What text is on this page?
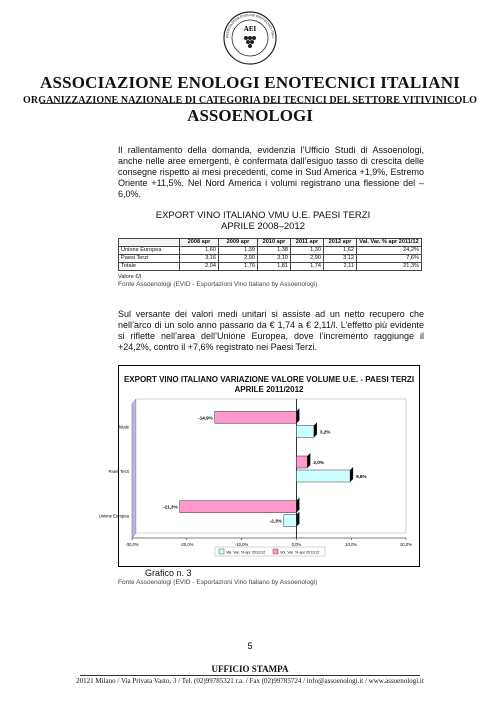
AEI
ASSOCIAZIONE ENOLOGI ENOTECNICI ITALI
ASSOCIAZIONE ENOLOGI ENOTECNICI ITALIANI
ORGANIZZAZIONE NAZIONALE DI CATEGORIA DEI TECNICI DEL SETTORE VITIVINICOLO
ASSOENOLOGI
Il rallentamento della domanda, evidenzia l’Ufficio Studi di Assoenologi, anche nelle aree emergenti, è confermata dall’esiguo tasso di crescita delle consegne rispetto ai mesi precedenti, come in Sud America +1,9%, Estremo Oriente +11,5%. Nel Nord America i volumi registrano una flessione del –6,0%.
EXPORT VINO ITALIANO VMU U.E. PAESI TERZI
APRILE 2008–2012
	2008 apr	2009 apr	2010 apr	2011 apr	2012 apr	Val. Var. % apr 2011/12
Unione Europea	1,60	1,39	1,38	1,30	1,62	24,2%
Paesi Terzi	3,16	2,90	3,10	2,90	3,12	7,6%
Totale	2,04	1,76	1,81	1,74	2,11	21,3%
Valore €/l
Fonte Assoenologi (EVID - Esportazioni Vino Italiano by Assoenologi)
Sul versante dei valori medi unitari si assiste ad un netto recupero che nell’arco di un solo anno passano da € 1,74 a € 2,11/l. L’effetto più evidente si riflette nell’area dell’Unione Europea, dove l’incremento raggiunge il +24,2%, contro il +7,6% registrato nei Paesi Terzi.
EXPORT VINO ITALIANO VARIAZIONE VALORE VOLUME U.E. - PAESI TERZI APRILE 2011/2012
-30,0%	-20,0%	-10,0%	0,0%	10,0%	20,0%
Totale
-14,9%
3,2%
Paesi Terzi
2,0%
9,8%
Unione Europea
-21,3%
-2,3%
Val. Var. % apr 2011/12	Vol. Var. % apr 2011/12
Grafico n. 3
Fonte Assoenologi (EVID - Esportazioni Vino Italiano by Assoenologi)
5
UFFICIO STAMPA
20121 Milano / Via Privata Vasto, 3 / Tel. (02)99785321 r.a. / Fax (02)99785724 / info@assoenologi.it / www.assoenologi.it
